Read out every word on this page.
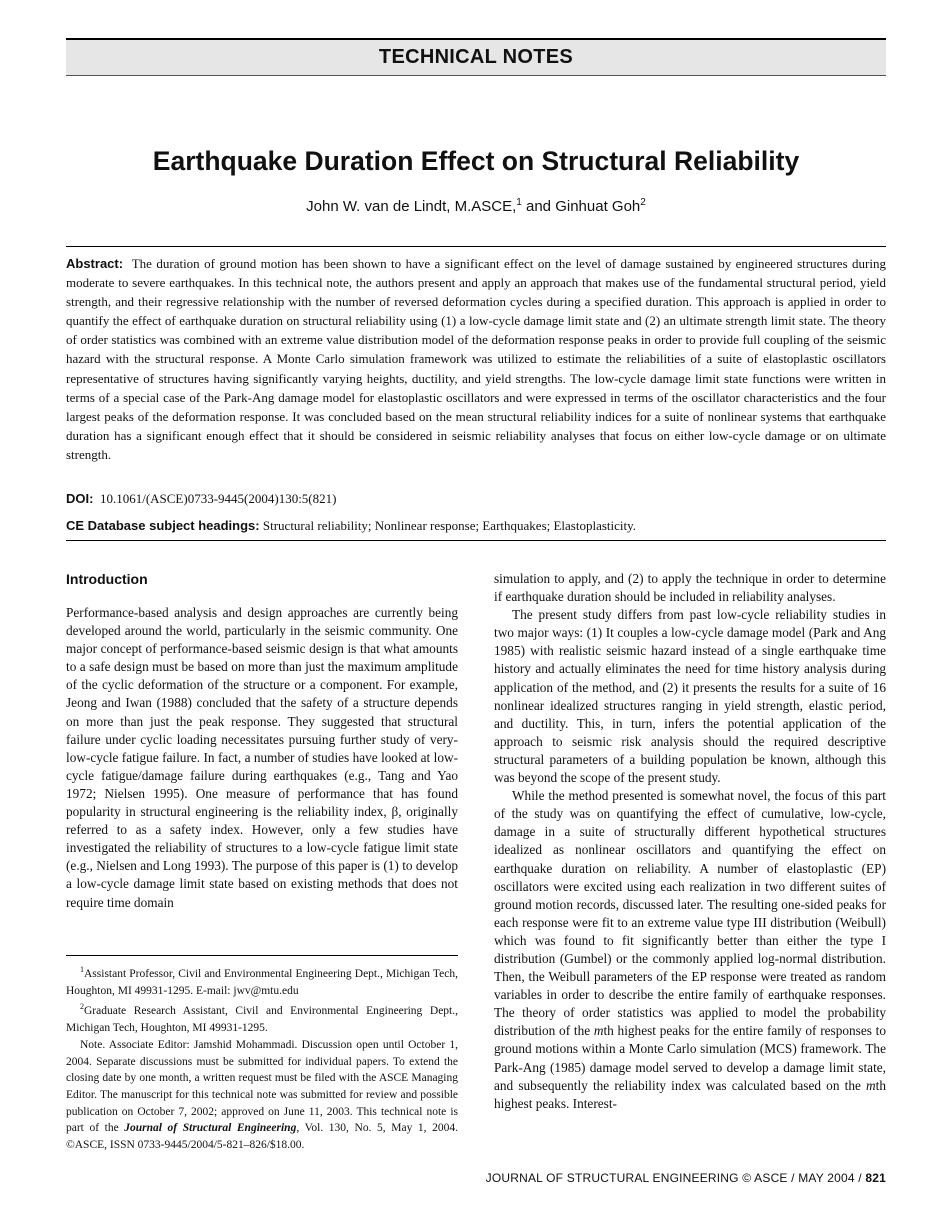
TECHNICAL NOTES
Earthquake Duration Effect on Structural Reliability
John W. van de Lindt, M.ASCE,$^1$ and Ginhuat Goh$^2$
Abstract: The duration of ground motion has been shown to have a significant effect on the level of damage sustained by engineered structures during moderate to severe earthquakes. In this technical note, the authors present and apply an approach that makes use of the fundamental structural period, yield strength, and their regressive relationship with the number of reversed deformation cycles during a specified duration. This approach is applied in order to quantify the effect of earthquake duration on structural reliability using (1) a low-cycle damage limit state and (2) an ultimate strength limit state. The theory of order statistics was combined with an extreme value distribution model of the deformation response peaks in order to provide full coupling of the seismic hazard with the structural response. A Monte Carlo simulation framework was utilized to estimate the reliabilities of a suite of elastoplastic oscillators representative of structures having significantly varying heights, ductility, and yield strengths. The low-cycle damage limit state functions were written in terms of a special case of the Park-Ang damage model for elastoplastic oscillators and were expressed in terms of the oscillator characteristics and the four largest peaks of the deformation response. It was concluded based on the mean structural reliability indices for a suite of nonlinear systems that earthquake duration has a significant enough effect that it should be considered in seismic reliability analyses that focus on either low-cycle damage or on ultimate strength.
DOI: 10.1061/(ASCE)0733-9445(2004)130:5(821)
CE Database subject headings: Structural reliability; Nonlinear response; Earthquakes; Elastoplasticity.
Introduction

Performance-based analysis and design approaches are currently being developed around the world, particularly in the seismic community. One major concept of performance-based seismic design is that what amounts to a safe design must be based on more than just the maximum amplitude of the cyclic deformation of the structure or a component. For example, Jeong and Iwan (1988) concluded that the safety of a structure depends on more than just the peak response. They suggested that structural failure under cyclic loading necessitates pursuing further study of very-low-cycle fatigue failure. In fact, a number of studies have looked at low-cycle fatigue/damage failure during earthquakes (e.g., Tang and Yao 1972; Nielsen 1995). One measure of performance that has found popularity in structural engineering is the reliability index, β, originally referred to as a safety index. However, only a few studies have investigated the reliability of structures to a low-cycle fatigue limit state (e.g., Nielsen and Long 1993). The purpose of this paper is (1) to develop a low-cycle damage limit state based on existing methods that does not require time domain

$^1$Assistant Professor, Civil and Environmental Engineering Dept., Michigan Tech, Houghton, MI 49931-1295. E-mail: jwv@mtu.edu

$^2$Graduate Research Assistant, Civil and Environmental Engineering Dept., Michigan Tech, Houghton, MI 49931-1295.

Note. Associate Editor: Jamshid Mohammadi. Discussion open until October 1, 2004. Separate discussions must be submitted for individual papers. To extend the closing date by one month, a written request must be filed with the ASCE Managing Editor. The manuscript for this technical note was submitted for review and possible publication on October 7, 2002; approved on June 11, 2003. This technical note is part of the Journal of Structural Engineering, Vol. 130, No. 5, May 1, 2004. ©ASCE, ISSN 0733-9445/2004/5-821–826/$18.00.

simulation to apply, and (2) to apply the technique in order to determine if earthquake duration should be included in reliability analyses.

The present study differs from past low-cycle reliability studies in two major ways: (1) It couples a low-cycle damage model (Park and Ang 1985) with realistic seismic hazard instead of a single earthquake time history and actually eliminates the need for time history analysis during application of the method, and (2) it presents the results for a suite of 16 nonlinear idealized structures ranging in yield strength, elastic period, and ductility. This, in turn, infers the potential application of the approach to seismic risk analysis should the required descriptive structural parameters of a building population be known, although this was beyond the scope of the present study.

While the method presented is somewhat novel, the focus of this part of the study was on quantifying the effect of cumulative, low-cycle, damage in a suite of structurally different hypothetical structures idealized as nonlinear oscillators and quantifying the effect on earthquake duration on reliability. A number of elastoplastic (EP) oscillators were excited using each realization in two different suites of ground motion records, discussed later. The resulting one-sided peaks for each response were fit to an extreme value type III distribution (Weibull) which was found to fit significantly better than either the type I distribution (Gumbel) or the commonly applied log-normal distribution. Then, the Weibull parameters of the EP response were treated as random variables in order to describe the entire family of earthquake responses. The theory of order statistics was applied to model the probability distribution of the mth highest peaks for the entire family of responses to ground motions within a Monte Carlo simulation (MCS) framework. The Park-Ang (1985) damage model served to develop a damage limit state, and subsequently the reliability index was calculated based on the mth highest peaks. Interest-

JOURNAL OF STRUCTURAL ENGINEERING © ASCE / MAY 2004 / 821
